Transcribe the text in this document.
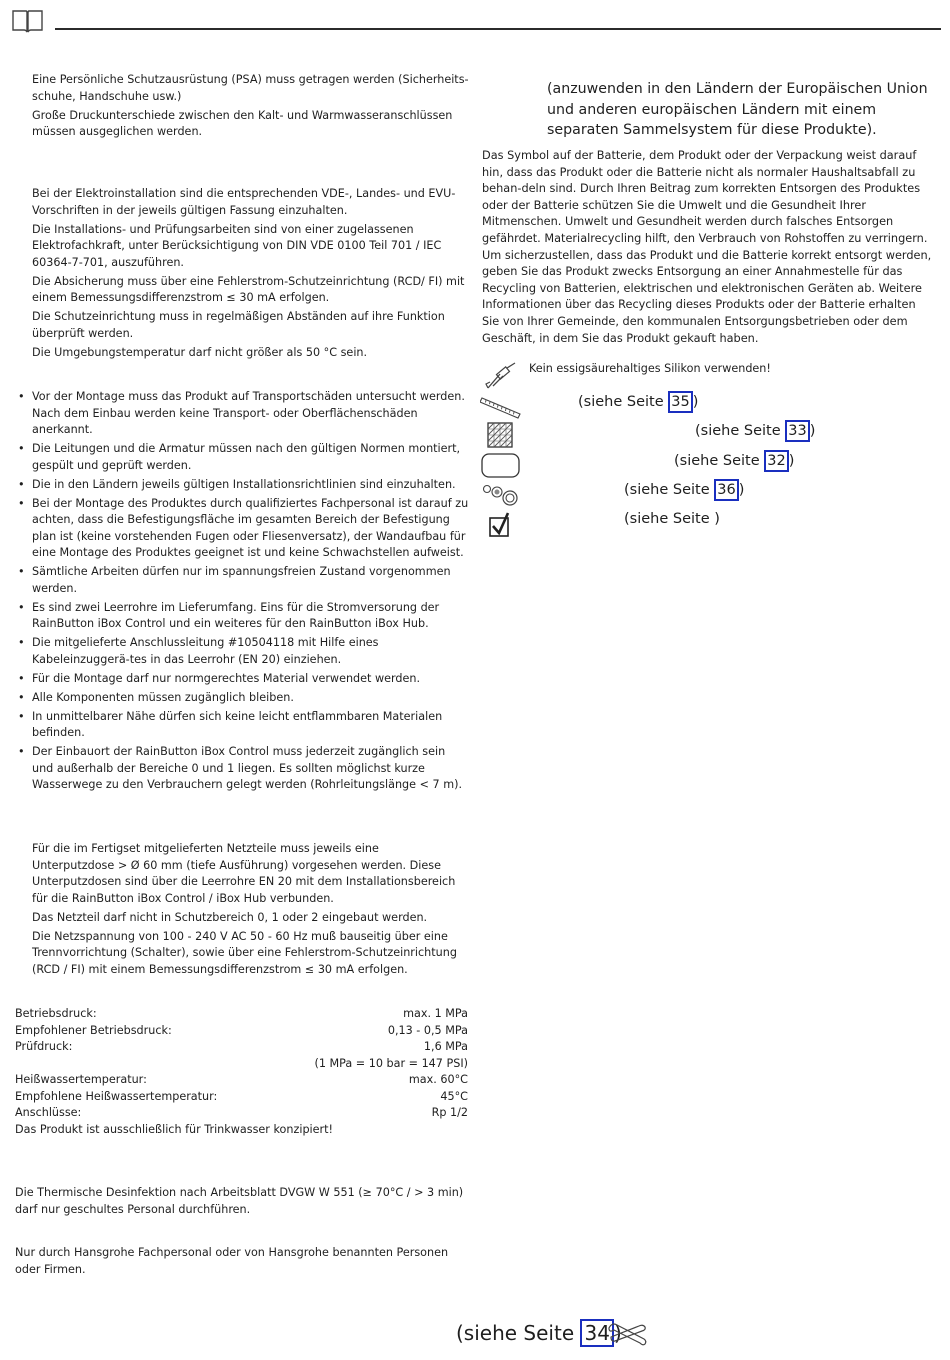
Eine Persönliche Schutzausrüstung (PSA) muss getragen werden (Sicherheits-schuhe, Handschuhe usw.)

Große Druckunterschiede zwischen den Kalt- und Warmwasseranschlüssen müssen ausgeglichen werden.

Bei der Elektroinstallation sind die entsprechenden VDE-, Landes- und EVU-Vorschriften in der jeweils gültigen Fassung einzuhalten.

Die Installations- und Prüfungsarbeiten sind von einer zugelassenen Elektrofachkraft, unter Berücksichtigung von DIN VDE 0100 Teil 701 / IEC 60364-7-701, auszuführen.

Die Absicherung muss über eine Fehlerstrom-Schutzeinrichtung (RCD/ FI) mit einem Bemessungsdifferenzstrom ≤ 30 mA erfolgen.

Die Schutzeinrichtung muss in regelmäßigen Abständen auf ihre Funktion überprüft werden.

Die Umgebungstemperatur darf nicht größer als 50 °C sein.

• Vor der Montage muss das Produkt auf Transportschäden untersucht werden. Nach dem Einbau werden keine Transport- oder Oberflächenschäden anerkannt.
• Die Leitungen und die Armatur müssen nach den gültigen Normen montiert, gespült und geprüft werden.
• Die in den Ländern jeweils gültigen Installationsrichtlinien sind einzuhalten.
• Bei der Montage des Produktes durch qualifiziertes Fachpersonal ist darauf zu achten, dass die Befestigungsfläche im gesamten Bereich der Befestigung plan ist (keine vorstehenden Fugen oder Fliesenversatz), der Wandaufbau für eine Montage des Produktes geeignet ist und keine Schwachstellen aufweist.
• Sämtliche Arbeiten dürfen nur im spannungsfreien Zustand vorgenommen werden.
• Es sind zwei Leerrohre im Lieferumfang. Eins für die Stromversorung der RainButton iBox Control und ein weiteres für den RainButton iBox Hub.
• Die mitgelieferte Anschlussleitung #10504118 mit Hilfe eines Kabeleinzuggerä-tes in das Leerrohr (EN 20) einziehen.
• Für die Montage darf nur normgerechtes Material verwendet werden.
• Alle Komponenten müssen zugänglich bleiben.
• In unmittelbarer Nähe dürfen sich keine leicht entflammbaren Materialen befinden.
• Der Einbauort der RainButton iBox Control muss jederzeit zugänglich sein und außerhalb der Bereiche 0 und 1 liegen. Es sollten möglichst kurze Wasserwege zu den Verbrauchern gelegt werden (Rohrleitungslänge < 7 m).

Für die im Fertigset mitgelieferten Netzteile muss jeweils eine Unterputzdose > Ø 60 mm (tiefe Ausführung) vorgesehen werden. Diese Unterputzdosen sind über die Leerrohre EN 20 mit dem Installationsbereich für die RainButton iBox Control / iBox Hub verbunden.

Das Netzteil darf nicht in Schutzbereich 0, 1 oder 2 eingebaut werden.

Die Netzspannung von 100 - 240 V AC 50 - 60 Hz muß bauseitig über eine Trennvorrichtung (Schalter), sowie über eine Fehlerstrom-Schutzeinrichtung (RCD / FI) mit einem Bemessungsdifferenzstrom ≤ 30 mA erfolgen.

Betriebsdruck:	max. 1 MPa
Empfohlener Betriebsdruck:	0,13 - 0,5 MPa
Prüfdruck:	1,6 MPa
(1 MPa = 10 bar = 147 PSI)
Heißwassertemperatur:	max. 60°C
Empfohlene Heißwassertemperatur:	45°C
Anschlüsse:	Rp 1/2
Das Produkt ist ausschließlich für Trinkwasser konzipiert!
Die Thermische Desinfektion nach Arbeitsblatt DVGW W 551 (≥ 70°C / > 3 min) darf nur geschultes Personal durchführen.
Nur durch Hansgrohe Fachpersonal oder von Hansgrohe benannten Personen oder Firmen.
(anzuwenden in den Ländern der Europäischen Union und anderen europäischen Ländern mit einem separaten Sammelsystem für diese Produkte).
Das Symbol auf der Batterie, dem Produkt oder der Verpackung weist darauf hin, dass das Produkt oder die Batterie nicht als normaler Haushaltsabfall zu behan-deln sind. Durch Ihren Beitrag zum korrekten Entsorgen des Produktes oder der Batterie schützen Sie die Umwelt und die Gesundheit Ihrer Mitmenschen. Umwelt und Gesundheit werden durch falsches Entsorgen gefährdet. Materialrecycling hilft, den Verbrauch von Rohstoffen zu verringern. Um sicherzustellen, dass das Produkt und die Batterie korrekt entsorgt werden, geben Sie das Produkt zwecks Entsorgung an einer Annahmestelle für das Recycling von Batterien, elektrischen und elektronischen Geräten ab. Weitere Informationen über das Recycling dieses Produkts oder der Batterie erhalten Sie von Ihrer Gemeinde, den kommunalen Entsorgungsbetrieben oder dem Geschäft, in dem Sie das Produkt gekauft haben.
Kein essigsäurehaltiges Silikon verwenden!
(siehe Seite 35 )
(siehe Seite 33 )
(siehe Seite 32 )
(siehe Seite 36 )
(siehe Seite )
(siehe Seite 34 )
